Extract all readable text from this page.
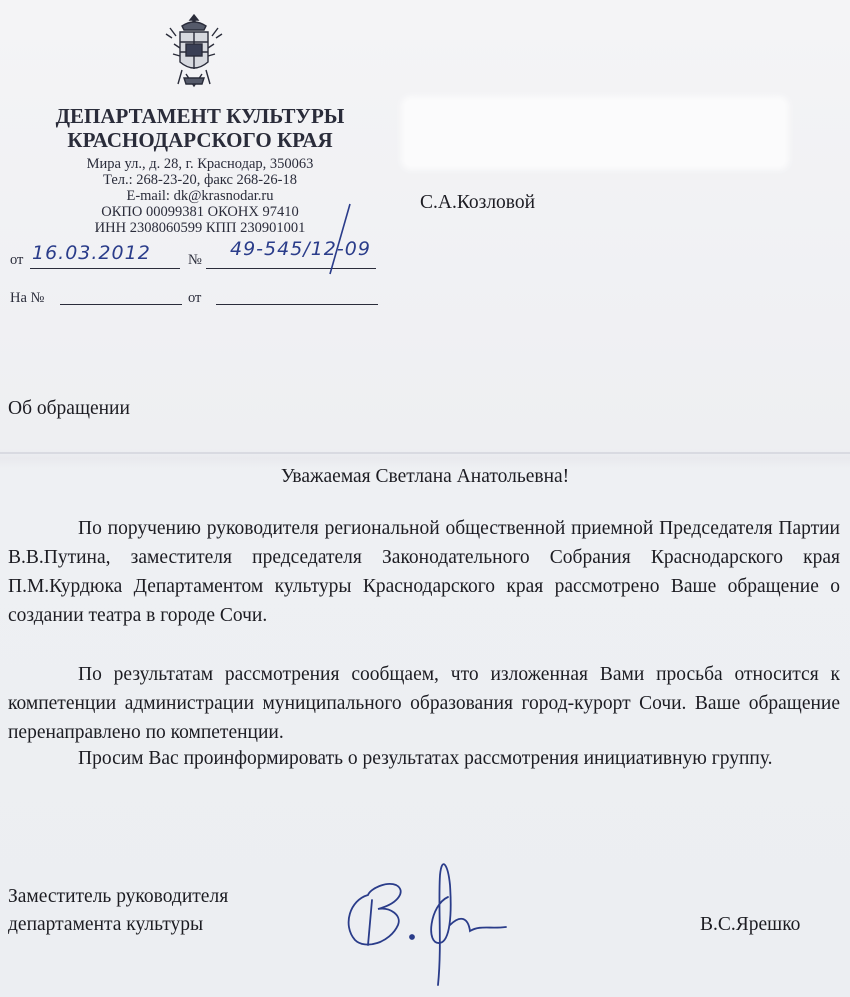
ДЕПАРТАМЕНТ КУЛЬТУРЫ
КРАСНОДАРСКОГО КРАЯ
Мира ул., д. 28, г. Краснодар, 350063
Тел.: 268-23-20, факс 268-26-18
E-mail: dk@krasnodar.ru
ОКПО 00099381 ОКОНХ 97410
ИНН 2308060599 КПП 230901001
от 16.03.2012	№ 49-545/12-09
На №	от
С.А.Козловой
Об обращении
Уважаемая Светлана Анатольевна!

По поручению руководителя региональной общественной приемной Председателя Партии В.В.Путина, заместителя председателя Законодательного Собрания Краснодарского края П.М.Курдюка Департаментом культуры Краснодарского края рассмотрено Ваше обращение о создании театра в городе Сочи.

По результатам рассмотрения сообщаем, что изложенная Вами просьба относится к компетенции администрации муниципального образования город-курорт Сочи. Ваше обращение перенаправлено по компетенции.

Просим Вас проинформировать о результатах рассмотрения инициативную группу.

Заместитель руководителя
департамента культуры	В.С.Ярешко
